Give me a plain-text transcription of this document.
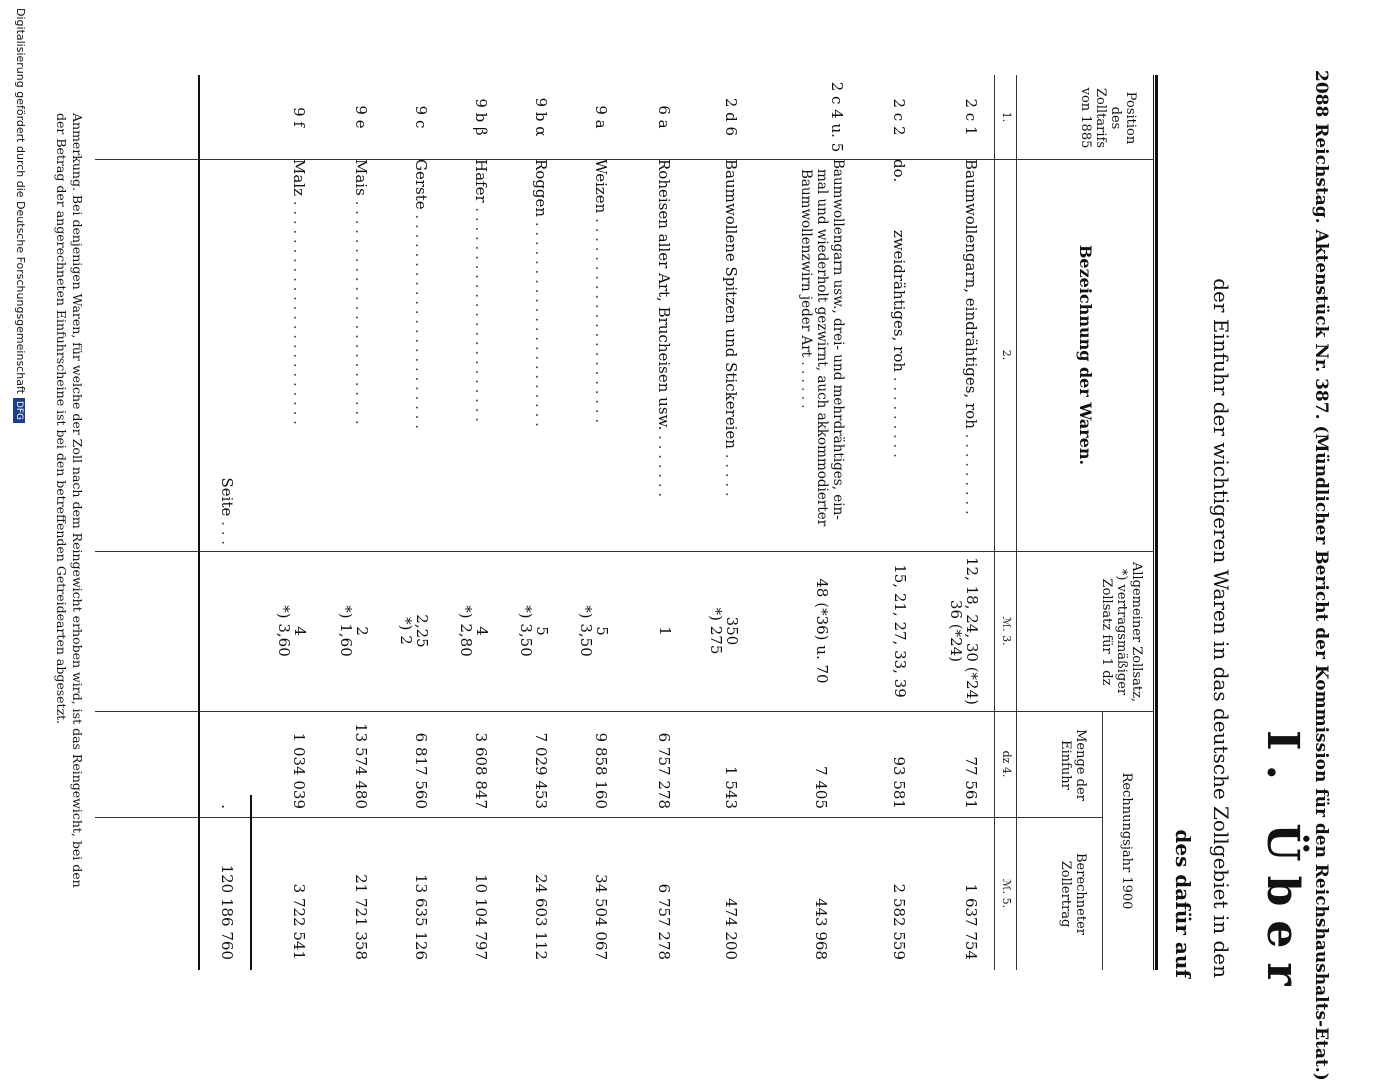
2088 Reichstag. Aktenstück Nr. 387. (Mündlicher Bericht der Kommission für den Reichshaushalts-Etat.)
I. Über
der Einfuhr der wichtigeren Waren in das deutsche Zollgebiet in den
des dafür auf
Position des Zolltarifs von 1885
Bezeichnung der Waren.
Allgemeiner Zollsatz, *) vertragsmäßiger Zollsatz für 1 dz
Rechnungsjahr 1900
Menge der Einfuhr
Berechneter Zollertrag
1.
2.
ℳ. 3.
dz 4.
ℳ. 5.
2 c 1
Baumwollengarn, eindrähtiges, roh . . . . . . . . .
12, 18, 24, 30 (*24)
36 (*24)
77 561
1 637 754
2 c 2
do.          zweidrähtiges, roh . . . . . . . . .
15, 21, 27, 33, 39
93 581
2 582 559
2 c 4 u. 5
Baumwollengarn usw., drei- und mehrdrähtiges, ein-
mal und wiederholt gezwirnt, auch akkommodierter
Baumwollenzwirn jeder Art . . . . . .
48 (*36) u. 70
7 405
443 968
2 d 6
Baumwollene Spitzen und Stickereien . . . . .
350
*) 275
1 543
474 200
6 a
Roheisen aller Art, Brucheisen usw. . . . . . . .
1
6 757 278
6 757 278
9 a
Weizen . . . . . . . . . . . . . . . . . . . . . .
5
*) 3,50
9 858 160
34 504 067
9 b α
Roggen . . . . . . . . . . . . . . . . . . . . . .
5
*) 3,50
7 029 453
24 603 112
9 b β
Hafer . . . . . . . . . . . . . . . . . . . . . . .
4
*) 2,80
3 608 847
10 104 797
9 c
Gerste . . . . . . . . . . . . . . . . . . . . . . .
2,25
*) 2
6 817 560
13 635 126
9 e
Mais . . . . . . . . . . . . . . . . . . . . . . . .
2
*) 1,60
13 574 480
21 721 358
9 f
Malz . . . . . . . . . . . . . . . . . . . . . . . .
4
*) 3,60
1 034 039
3 722 541
Seite . . .
.
120 186 760
Anmerkung. Bei denjenigen Waren, für welche der Zoll nach dem Reingewicht erhoben wird, ist das Reingewicht, bei den
der Betrag der angerechneten Einfuhrscheine ist bei den betreffenden Getreidearten abgesetzt.
Digitalisierung gefördert durch die Deutsche ForschungsgemeinschaftDFG
